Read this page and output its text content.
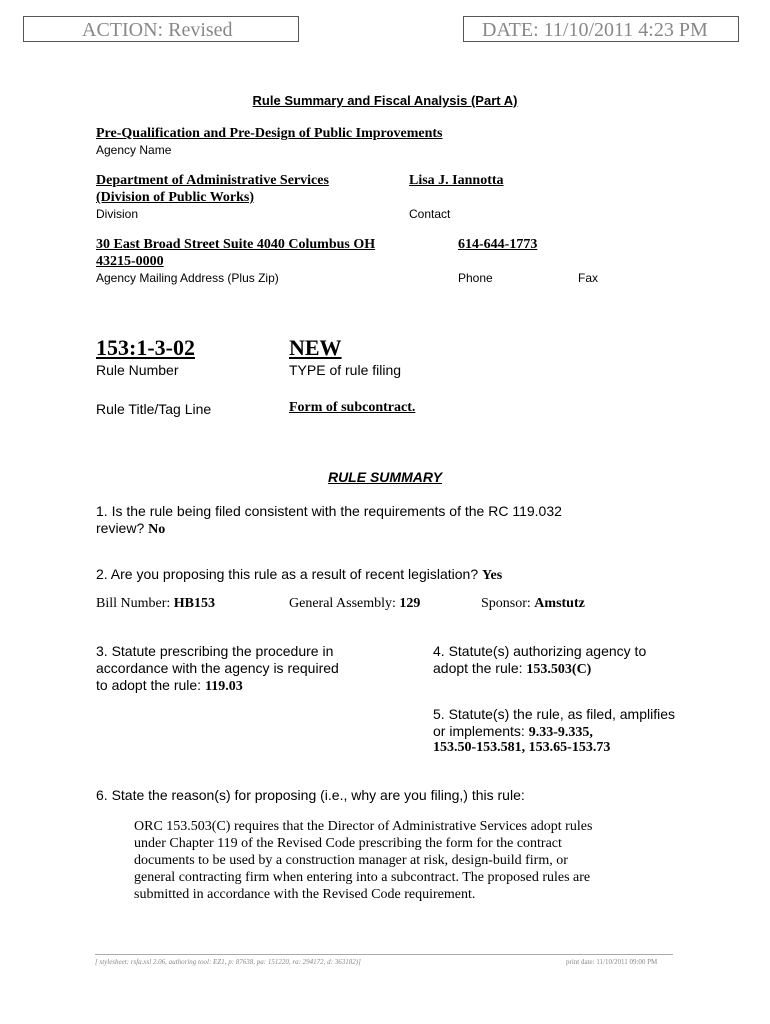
ACTION: Revised	DATE: 11/10/2011 4:23 PM
Rule Summary and Fiscal Analysis (Part A)
Pre-Qualification and Pre-Design of Public Improvements
Agency Name
Department of Administrative Services
(Division of Public Works)
Division
Lisa J. Iannotta
Contact
30 East Broad Street Suite 4040 Columbus OH
43215-0000
Agency Mailing Address (Plus Zip)
614-644-1773
Phone	Fax
153:1-3-02
Rule Number
NEW
TYPE of rule filing
Rule Title/Tag Line	Form of subcontract.
RULE SUMMARY
1. Is the rule being filed consistent with the requirements of the RC 119.032
review? No
2. Are you proposing this rule as a result of recent legislation? Yes
Bill Number: HB153	General Assembly: 129	Sponsor: Amstutz
3. Statute prescribing the procedure in
accordance with the agency is required
to adopt the rule: 119.03
4. Statute(s) authorizing agency to
adopt the rule: 153.503(C)
5. Statute(s) the rule, as filed, amplifies
or implements: 9.33-9.335,
153.50-153.581, 153.65-153.73
6. State the reason(s) for proposing (i.e., why are you filing,) this rule:

ORC 153.503(C) requires that the Director of Administrative Services adopt rules
under Chapter 119 of the Revised Code prescribing the form for the contract
documents to be used by a construction manager at risk, design-build firm, or
general contracting firm when entering into a subcontract. The proposed rules are
submitted in accordance with the Revised Code requirement.

[ stylesheet: rsfa.xsl 2.06, authoring tool: EZ1, p: 87638, pa: 151220, ra: 294172, d: 363182)]	print date: 11/10/2011 09:00 PM
